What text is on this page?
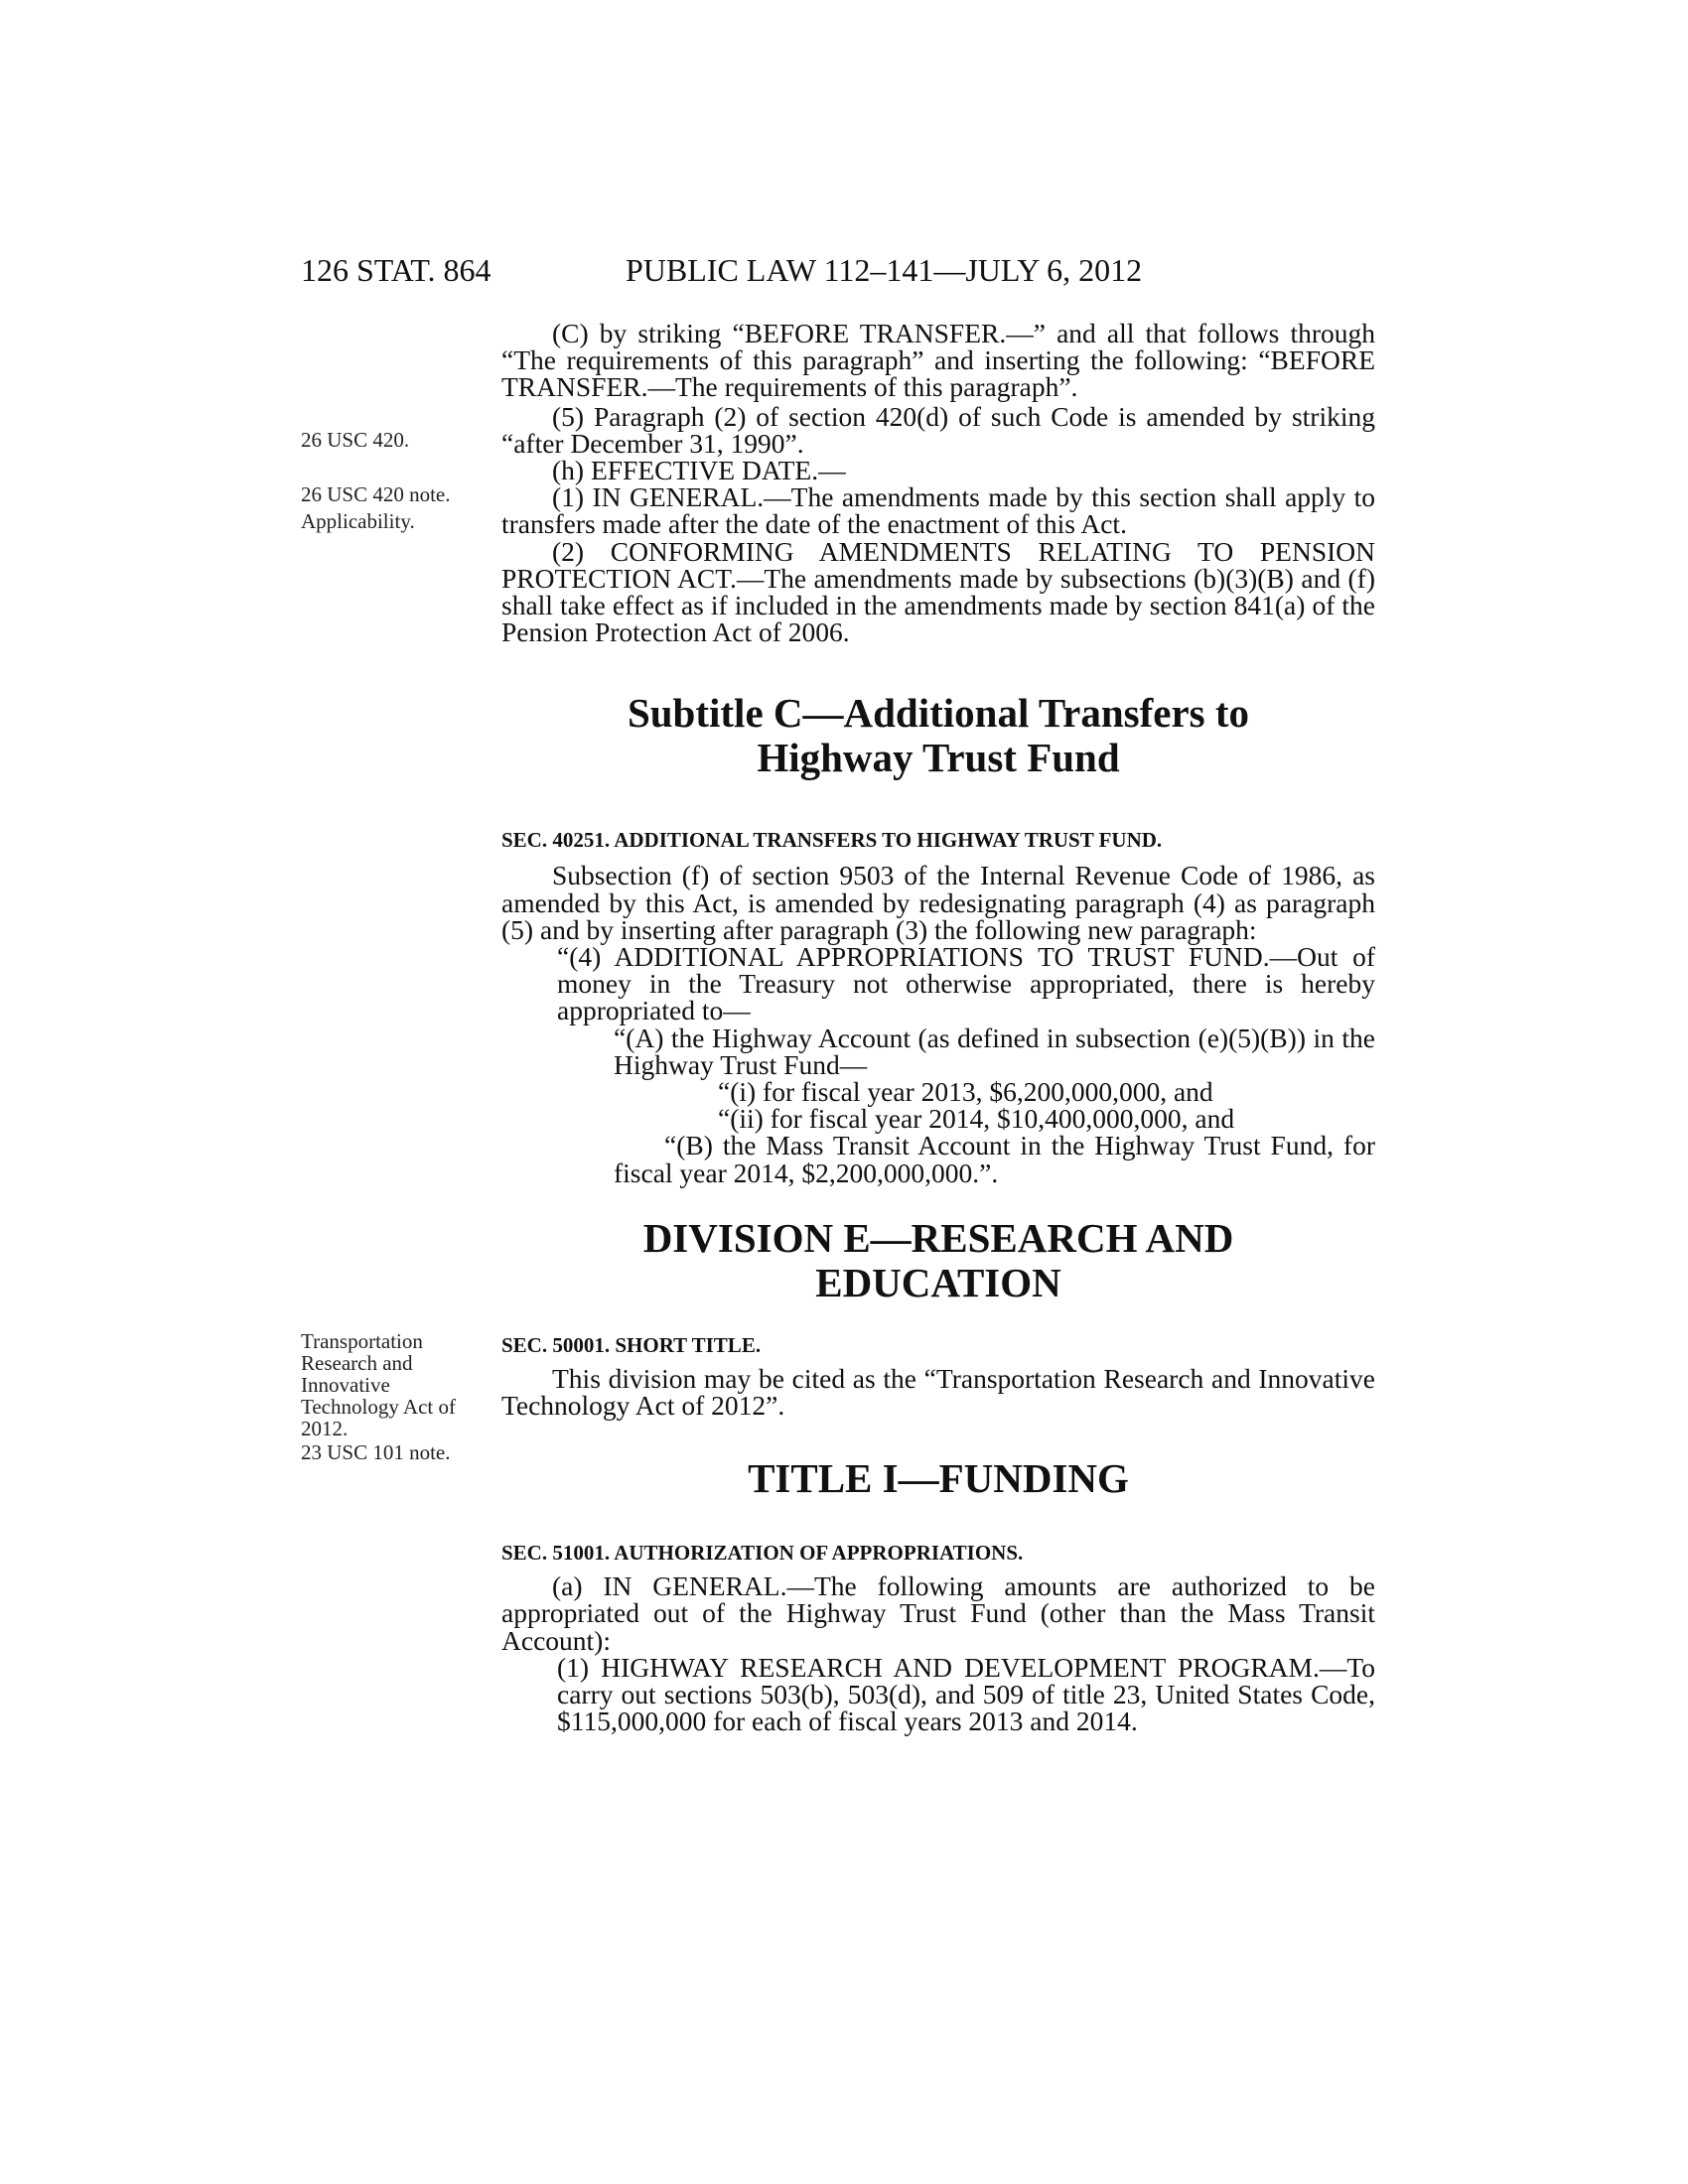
126 STAT. 864	PUBLIC LAW 112–141—JULY 6, 2012
26 USC 420.
26 USC 420 note.
Applicability.
Transportation
Research and
Innovative
Technology Act of
2012.
23 USC 101 note.

(C) by striking “BEFORE TRANSFER.—” and all that follows through “The requirements of this paragraph” and inserting the following: “BEFORE TRANSFER.—The requirements of this paragraph”.

(5) Paragraph (2) of section 420(d) of such Code is amended by striking “after December 31, 1990”.

(h) EFFECTIVE DATE.—

(1) IN GENERAL.—The amendments made by this section shall apply to transfers made after the date of the enactment of this Act.

(2) CONFORMING AMENDMENTS RELATING TO PENSION PROTECTION ACT.—The amendments made by subsections (b)(3)(B) and (f) shall take effect as if included in the amendments made by section 841(a) of the Pension Protection Act of 2006.

Subtitle C—Additional Transfers to

Highway Trust Fund

SEC. 40251. ADDITIONAL TRANSFERS TO HIGHWAY TRUST FUND.

Subsection (f) of section 9503 of the Internal Revenue Code of 1986, as amended by this Act, is amended by redesignating paragraph (4) as paragraph (5) and by inserting after paragraph (3) the following new paragraph:

“(4) ADDITIONAL APPROPRIATIONS TO TRUST FUND.—Out of money in the Treasury not otherwise appropriated, there is hereby appropriated to—

“(A) the Highway Account (as defined in subsection (e)(5)(B)) in the Highway Trust Fund—

“(i) for fiscal year 2013, $6,200,000,000, and

“(ii) for fiscal year 2014, $10,400,000,000, and

“(B) the Mass Transit Account in the Highway Trust Fund, for fiscal year 2014, $2,200,000,000.”.

DIVISION E—RESEARCH AND

EDUCATION

SEC. 50001. SHORT TITLE.

This division may be cited as the “Transportation Research and Innovative Technology Act of 2012”.

TITLE I—FUNDING

SEC. 51001. AUTHORIZATION OF APPROPRIATIONS.

(a) IN GENERAL.—The following amounts are authorized to be appropriated out of the Highway Trust Fund (other than the Mass Transit Account):

(1) HIGHWAY RESEARCH AND DEVELOPMENT PROGRAM.—To carry out sections 503(b), 503(d), and 509 of title 23, United States Code, $115,000,000 for each of fiscal years 2013 and 2014.
